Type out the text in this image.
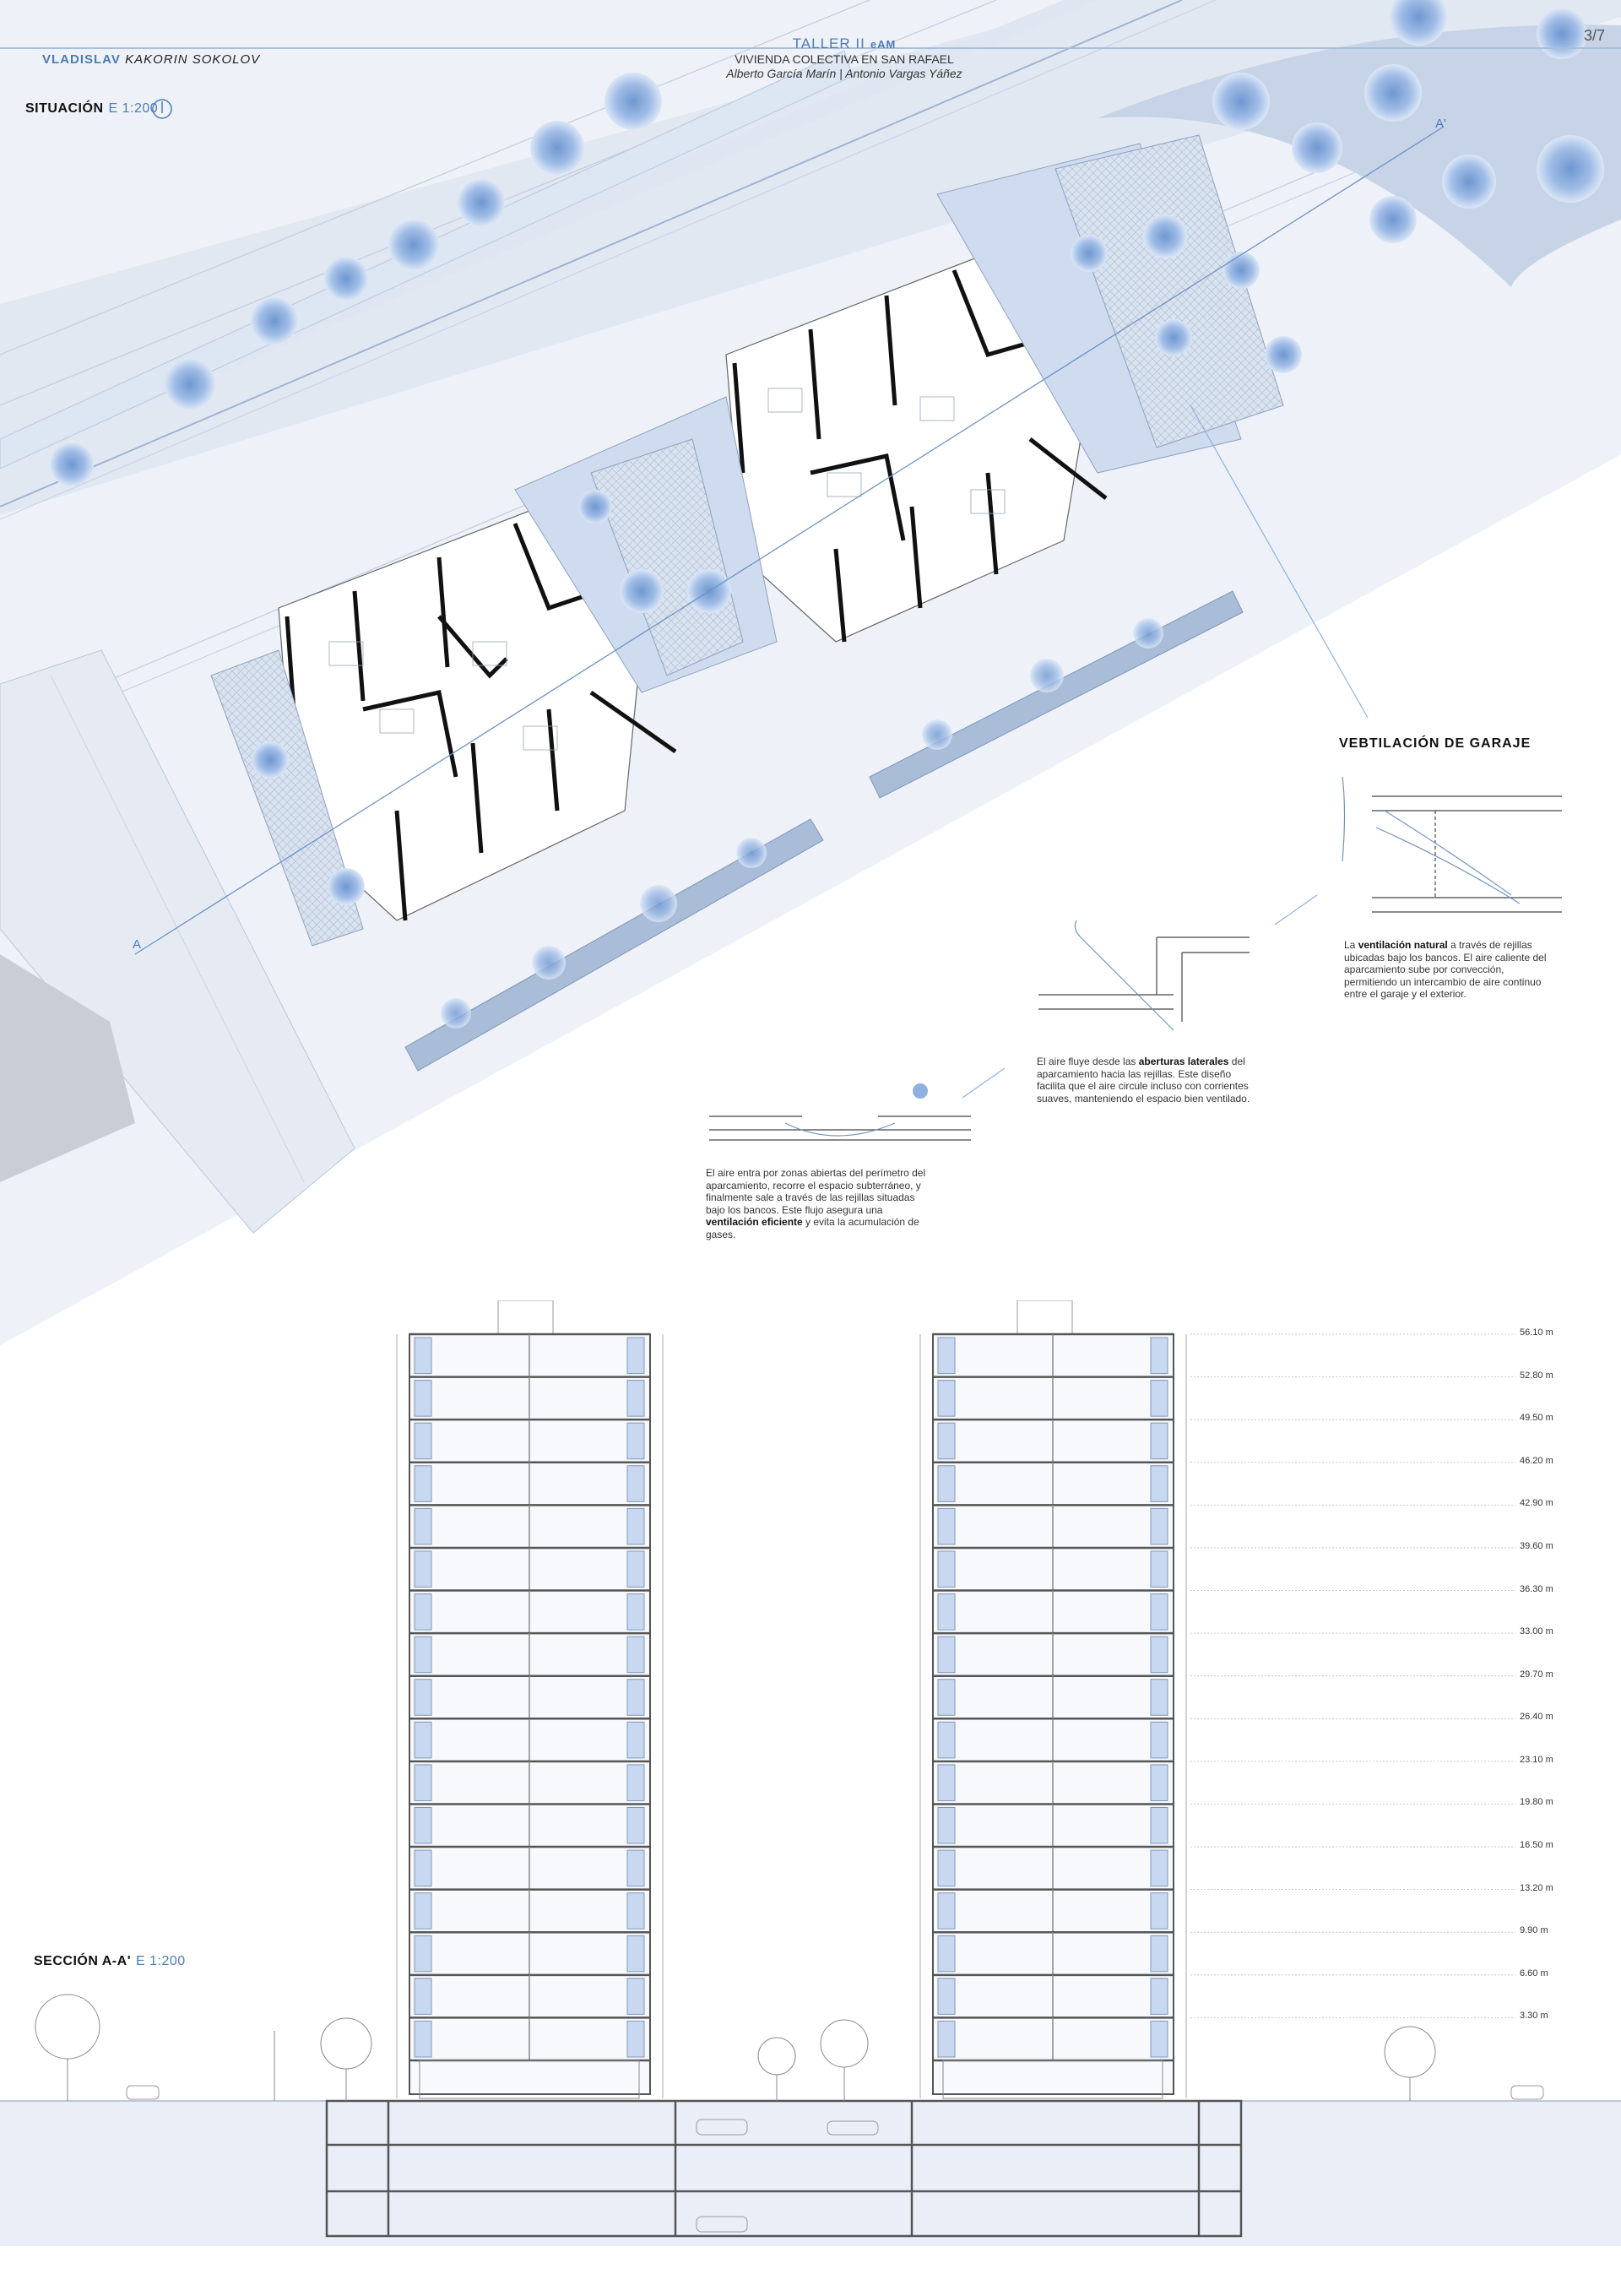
VLADISLAV KAKORIN SOKOLOV
TALLER II eAM
VIVIENDA COLECTIVA EN SAN RAFAEL
Alberto García Marín | Antonio Vargas Yáñez
3/7
SITUACIÓN E 1:200
A
A'
VEBTILACIÓN DE GARAJE
La ventilación natural a través de rejillas ubicadas bajo los bancos. El aire caliente del aparcamiento sube por convección, permitiendo un intercambio de aire continuo entre el garaje y el exterior.
El aire fluye desde las aberturas laterales del aparcamiento hacia las rejillas. Este diseño facilita que el aire circule incluso con corrientes suaves, manteniendo el espacio bien ventilado.
El aire entra por zonas abiertas del perímetro del aparcamiento, recorre el espacio subterráneo, y finalmente sale a través de las rejillas situadas bajo los bancos. Este flujo asegura una ventilación eficiente y evita la acumulación de gases.
SECCIÓN A-A' E 1:200
56.10 m
52.80 m
49.50 m
46.20 m
42.90 m
39.60 m
36.30 m
33.00 m
29.70 m
26.40 m
23.10 m
19.80 m
16.50 m
13.20 m
9.90 m
6.60 m
3.30 m
